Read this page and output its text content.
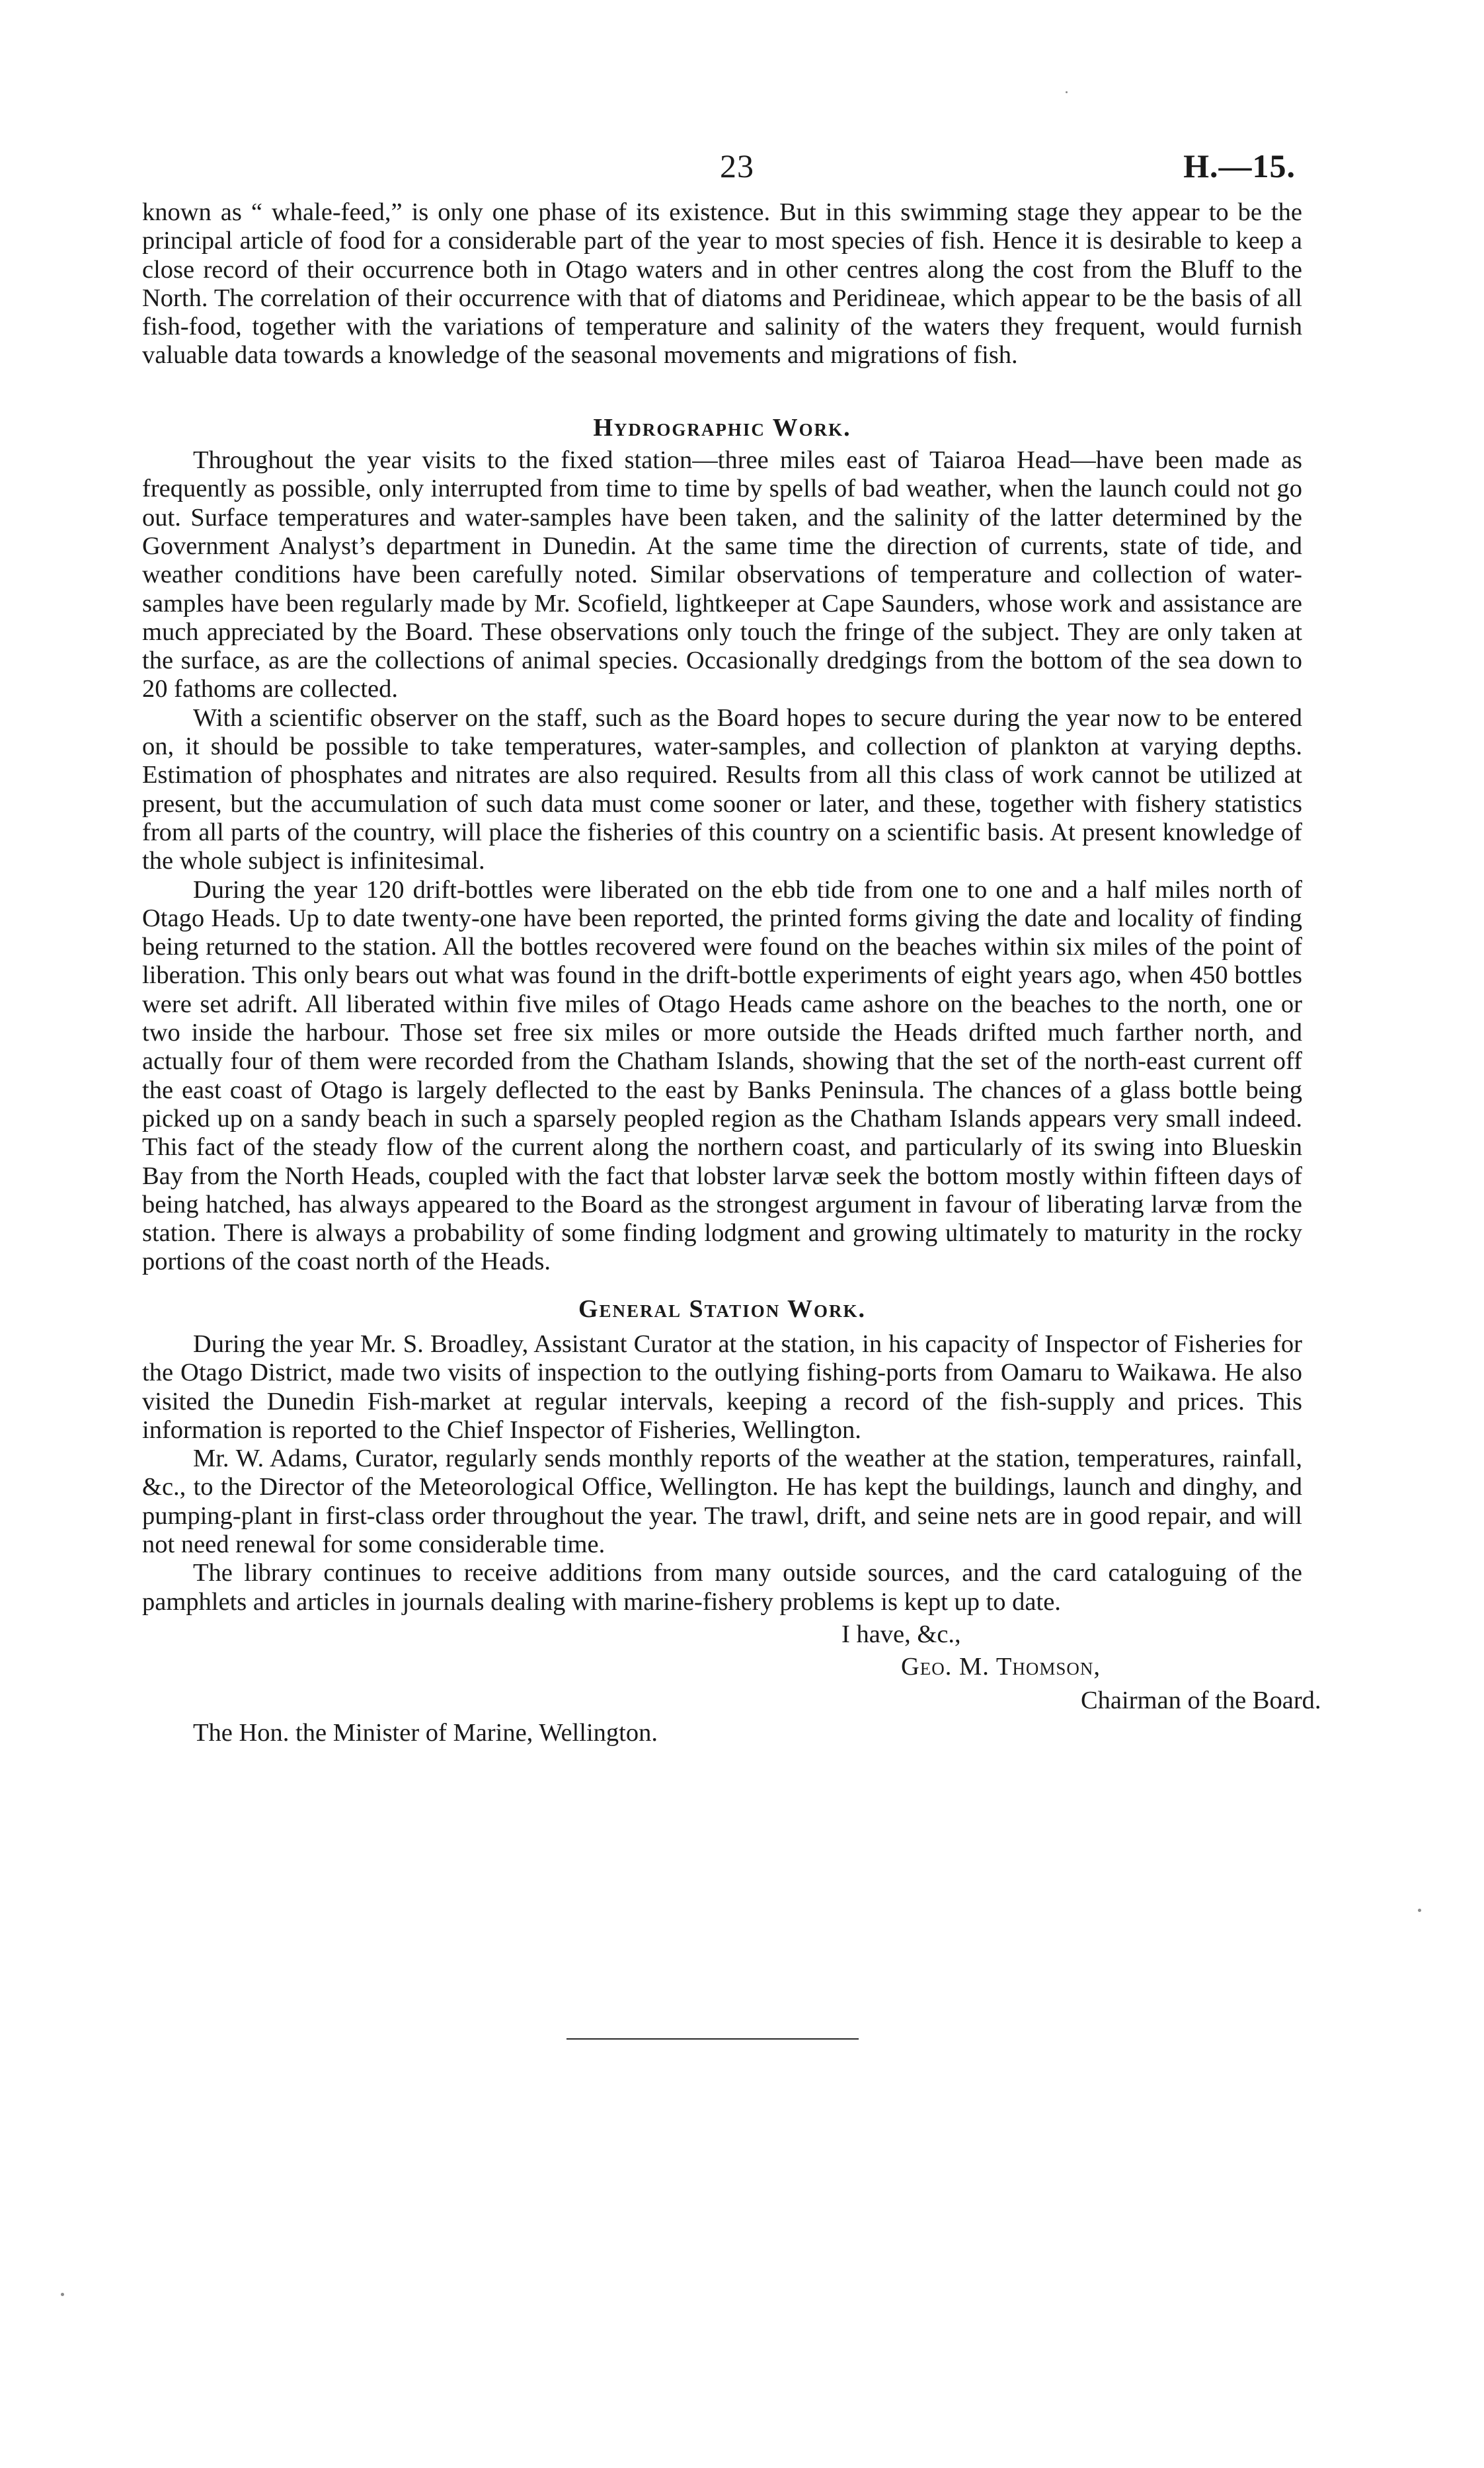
23	H.—15.

known as “ whale-feed,” is only one phase of its existence. But in this swimming stage they appear to be the principal article of food for a considerable part of the year to most species of fish. Hence it is desirable to keep a close record of their occurrence both in Otago waters and in other centres along the cost from the Bluff to the North. The correlation of their occurrence with that of diatoms and Peridineae, which appear to be the basis of all fish-food, together with the variations of temperature and salinity of the waters they frequent, would furnish valuable data towards a knowledge of the seasonal movements and migrations of fish.

Hydrographic Work.

Throughout the year visits to the fixed station—three miles east of Taiaroa Head—have been made as frequently as possible, only interrupted from time to time by spells of bad weather, when the launch could not go out. Surface temperatures and water-samples have been taken, and the salinity of the latter determined by the Government Analyst’s department in Dunedin. At the same time the direction of currents, state of tide, and weather conditions have been carefully noted. Similar observations of temperature and collection of water-samples have been regularly made by Mr. Scofield, lightkeeper at Cape Saunders, whose work and assistance are much appreciated by the Board. These observations only touch the fringe of the subject. They are only taken at the surface, as are the collections of animal species. Occasionally dredgings from the bottom of the sea down to 20 fathoms are collected.

With a scientific observer on the staff, such as the Board hopes to secure during the year now to be entered on, it should be possible to take temperatures, water-samples, and collection of plankton at varying depths. Estimation of phosphates and nitrates are also required. Results from all this class of work cannot be utilized at present, but the accumulation of such data must come sooner or later, and these, together with fishery statistics from all parts of the country, will place the fisheries of this country on a scientific basis. At present knowledge of the whole subject is infinitesimal.

During the year 120 drift-bottles were liberated on the ebb tide from one to one and a half miles north of Otago Heads. Up to date twenty-one have been reported, the printed forms giving the date and locality of finding being returned to the station. All the bottles recovered were found on the beaches within six miles of the point of liberation. This only bears out what was found in the drift-bottle experiments of eight years ago, when 450 bottles were set adrift. All liberated within five miles of Otago Heads came ashore on the beaches to the north, one or two inside the harbour. Those set free six miles or more outside the Heads drifted much farther north, and actually four of them were recorded from the Chatham Islands, showing that the set of the north-east current off the east coast of Otago is largely deflected to the east by Banks Peninsula. The chances of a glass bottle being picked up on a sandy beach in such a sparsely peopled region as the Chatham Islands appears very small indeed. This fact of the steady flow of the current along the northern coast, and particularly of its swing into Blueskin Bay from the North Heads, coupled with the fact that lobster larvæ seek the bottom mostly within fifteen days of being hatched, has always appeared to the Board as the strongest argument in favour of liberating larvæ from the station. There is always a probability of some finding lodgment and growing ultimately to maturity in the rocky portions of the coast north of the Heads.

General Station Work.

During the year Mr. S. Broadley, Assistant Curator at the station, in his capacity of Inspector of Fisheries for the Otago District, made two visits of inspection to the outlying fishing-ports from Oamaru to Waikawa. He also visited the Dunedin Fish-market at regular intervals, keeping a record of the fish-supply and prices. This information is reported to the Chief Inspector of Fisheries, Wellington.

Mr. W. Adams, Curator, regularly sends monthly reports of the weather at the station, temperatures, rainfall, &c., to the Director of the Meteorological Office, Wellington. He has kept the buildings, launch and dinghy, and pumping-plant in first-class order throughout the year. The trawl, drift, and seine nets are in good repair, and will not need renewal for some considerable time.

The library continues to receive additions from many outside sources, and the card cataloguing of the pamphlets and articles in journals dealing with marine-fishery problems is kept up to date.

I have, &c.,
Geo. M. Thomson,
Chairman of the Board.

The Hon. the Minister of Marine, Wellington.
